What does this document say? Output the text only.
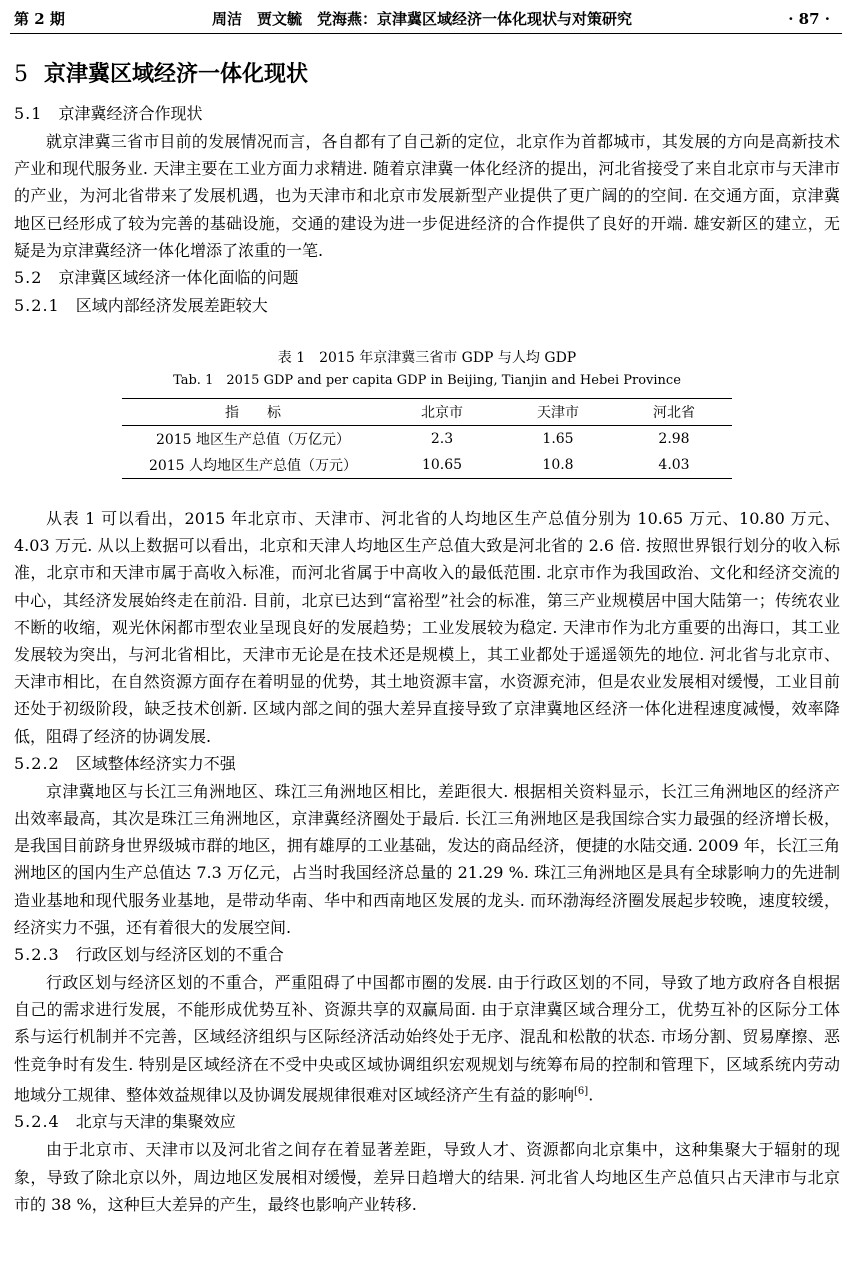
第 2 期	周洁　贾文毓　党海燕：京津冀区域经济一体化现状与对策研究	· 87 ·
5 京津冀区域经济一体化现状
5.1 京津冀经济合作现状

就京津冀三省市目前的发展情况而言，各自都有了自己新的定位，北京作为首都城市，其发展的方向是高新技术产业和现代服务业. 天津主要在工业方面力求精进. 随着京津冀一体化经济的提出，河北省接受了来自北京市与天津市的产业，为河北省带来了发展机遇，也为天津市和北京市发展新型产业提供了更广阔的的空间. 在交通方面，京津冀地区已经形成了较为完善的基础设施，交通的建设为进一步促进经济的合作提供了良好的开端. 雄安新区的建立，无疑是为京津冀经济一体化增添了浓重的一笔.

5.2 京津冀区域经济一体化面临的问题
5.2.1 区域内部经济发展差距较大
表 1　2015 年京津冀三省市 GDP 与人均 GDP
Tab. 1　2015 GDP and per capita GDP in Beijing, Tianjin and Hebei Province
指　　标	北京市	天津市	河北省
2015 地区生产总值（万亿元）	2.3	1.65	2.98
2015 人均地区生产总值（万元）	10.65	10.8	4.03

从表 1 可以看出，2015 年北京市、天津市、河北省的人均地区生产总值分别为 10.65 万元、10.80 万元、4.03 万元. 从以上数据可以看出，北京和天津人均地区生产总值大致是河北省的 2.6 倍. 按照世界银行划分的收入标准，北京市和天津市属于高收入标准，而河北省属于中高收入的最低范围. 北京市作为我国政治、文化和经济交流的中心，其经济发展始终走在前沿. 目前，北京已达到“富裕型”社会的标准，第三产业规模居中国大陆第一；传统农业不断的收缩，观光休闲都市型农业呈现良好的发展趋势；工业发展较为稳定. 天津市作为北方重要的出海口，其工业发展较为突出，与河北省相比，天津市无论是在技术还是规模上，其工业都处于遥遥领先的地位. 河北省与北京市、天津市相比，在自然资源方面存在着明显的优势，其土地资源丰富，水资源充沛，但是农业发展相对缓慢，工业目前还处于初级阶段，缺乏技术创新. 区域内部之间的强大差异直接导致了京津冀地区经济一体化进程速度减慢，效率降低，阻碍了经济的协调发展.

5.2.2 区域整体经济实力不强

京津冀地区与长江三角洲地区、珠江三角洲地区相比，差距很大. 根据相关资料显示，长江三角洲地区的经济产出效率最高，其次是珠江三角洲地区，京津冀经济圈处于最后. 长江三角洲地区是我国综合实力最强的经济增长极，是我国目前跻身世界级城市群的地区，拥有雄厚的工业基础，发达的商品经济，便捷的水陆交通. 2009 年，长江三角洲地区的国内生产总值达 7.3 万亿元，占当时我国经济总量的 21.29 %. 珠江三角洲地区是具有全球影响力的先进制造业基地和现代服务业基地，是带动华南、华中和西南地区发展的龙头. 而环渤海经济圈发展起步较晚，速度较缓，经济实力不强，还有着很大的发展空间.

5.2.3 行政区划与经济区划的不重合

行政区划与经济区划的不重合，严重阻碍了中国都市圈的发展. 由于行政区划的不同，导致了地方政府各自根据自己的需求进行发展，不能形成优势互补、资源共享的双赢局面. 由于京津冀区域合理分工，优势互补的区际分工体系与运行机制并不完善，区域经济组织与区际经济活动始终处于无序、混乱和松散的状态. 市场分割、贸易摩擦、恶性竞争时有发生. 特别是区域经济在不受中央或区域协调组织宏观规划与统筹布局的控制和管理下，区域系统内劳动地域分工规律、整体效益规律以及协调发展规律很难对区域经济产生有益的影响[6].

5.2.4 北京与天津的集聚效应

由于北京市、天津市以及河北省之间存在着显著差距，导致人才、资源都向北京集中，这种集聚大于辐射的现象，导致了除北京以外，周边地区发展相对缓慢，差异日趋增大的结果. 河北省人均地区生产总值只占天津市与北京市的 38 %，这种巨大差异的产生，最终也影响产业转移.
